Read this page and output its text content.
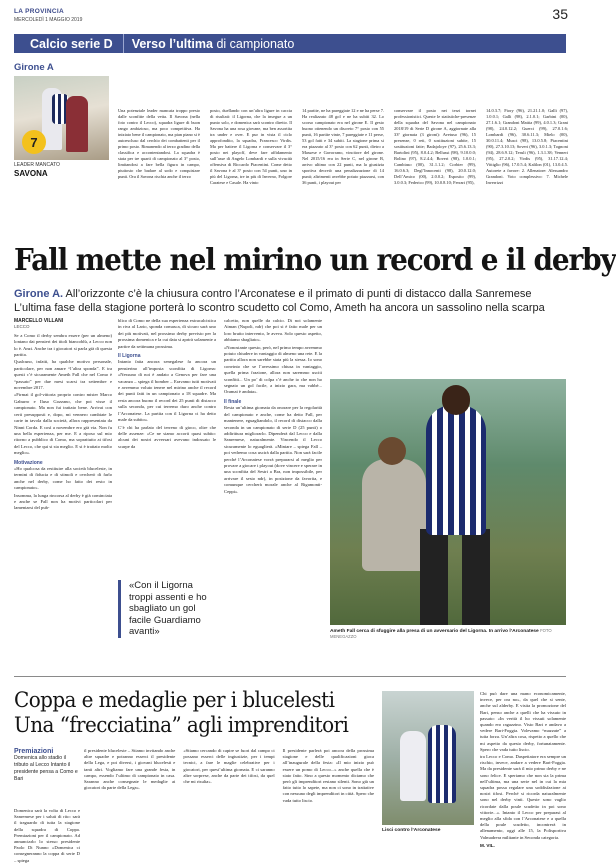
LA PROVINCIA
MERCOLEDÌ 1 MAGGIO 2019	35
Calcio serie D	Verso l’ultima di campionato
Girone A
7
LEADER MANCATO
SAVONA
Una potenziale leader mancata troppo presto dalle sconfitte della vetta. Il Savona (nella foto contro il Lecco), squadra ligure di buon rango ambizioso, ma poco competitiva. Ha iniziato bene il campionato, ma pian piano si è autoescluso dal cerchio dei combattenti per il primo posto. Rimanendo al terzo gradino della classifica e accontentandosi. La squadra è stata per tre quarti di campionato al 3° posto, limitandosi a fare bella figura in campo, piuttosto che badare al sodo e conquistare punti. Ora il Savona rischia anche il terzo
posto, duellando con un’altra ligure in caccia di risultati: il Ligorna, che la insegue a un punto solo, e domenica sarà scontro diretto. Il Savona ha una rosa giovane, ma ben assortita tra under e over. E pur in vista il ciclo approfondito, la squadra, Francesco Virdis. Ma per battere il Ligorna e conservare il 3° posto nei playoff, deve fare affidamento sull’asse di Angelo Lombardi e sulla vivacità offensiva di Riccardo Piacentini. Come detto il Savona è al 3° posto con 54 punti, uno in più del Ligorna, tre in più di Inverno, Folgore Caratese e Casale. Ha vinto
14 partite, ne ha pareggiate 12 e ne ha perse 7. Ha realizzato 48 gol e ne ha subiti 32. Lo scorso campionato era nel girone E. Il gesto buono ottenendo un discreto 7° posto con 55 punti, 16 partite vinte, 7 pareggiate e 11 perse, 53 gol fatti e 34 subiti. La stagione prima si era piazzato al 3° posto con 62 punti, dietro a Massese e Gavorrano, vincitore del girone. Nel 2015/16 era in Serie C, nel girone B, arrivo ultimo con 22 punti, ma la giustizia sportiva decretò una penalizzazione di 14 punti; altrimenti avrebbe potuto piazzarsi, con 36 punti, i playout per
conservare il posto nei terzi tornei professionistici. Queste le statistiche-presenze della squadra del Savona nel campionato 2018/19 di Serie D girone A, aggiornate alla 33ª giornata (3 gironi): Avetuso (96), 15 presenze, 0 reti, 0 sostituzioni subite, 15 sostituzioni fatte; Badajoloye (97), 25.6.13.3; Bartolini (95), 8.0.4.2; Bellussi (98), 9.10.0.0; Bolino (97), 8.2.4.4; Boveri (98), 1.0.0.1; Cambiaso (00), 31.1.1.2; Corbier (99), 16.0.6.3; Degl’Innocenti (98), 20.0.12.0; Dell’Amico (00), 2.0.0.2; Esposito (99), 3.0.0.3; Federico (99), 10.0.8.10; Ferrari (95),
14.0.3.7; Fiory (96), 21.21.1.0; Galli (97), 1.0.0.1; Galli (98), 2.1.0.1; Garbini (00), 27.1.6.1; Grandoni Mattia (99), 4.0.1.3; Grani (98), 24.0.12.2; Guerci (99), 27.0.1.6; Lombardi (96), 30.6.11.3; Mielo (00), 30.0.11.4; Musci (98), 13.0.5.8; Piacentini (90), 27.3.10.13; Soveri (96), 3.0.1.3; Tognoni (94), 28.6.9.12; Teruli (96), 1.3.1.38; Venneri (95), 27.2.0.2; Virdis (95), 31.17.12.4; Vittiglio (96), 17.0.5.4; Kalilon (01), 13.0.4.5. Autorete a favore: 2. Allenatore: Alessandro Grandoni. Voto complessivo: 7. Michele Inverrizzi
Fall mette nel mirino un record e il derby
Girone A. All’orizzonte c’è la chiusura contro l’Arconatese e il primato di punti di distacco dalla Sanremese L’ultima fase della stagione porterà lo scontro scudetto col Como, Ameth ha ancora un sassolino nella scarpa
MARCELLO VILLANI
LECCO

Se a Como il derby sembra essere (per un almeno) lontano dai pensieri dei titoli biancoblù, a Lecco non lo è. Anzi. Anche tra i giocatori si parla già di questa partita.

Qualcuno, infatti, ha qualche motivo personale, particolare, per non amare “l’altra sponda”. E tra questi c’è sicuramente Ameth Fall che nel Como è “passato” per due mesi scarsi tra settembre e novembre 2017.

«Firmai il gol-vittoria proprio contro mister Marco Gaburro e Iluso Gozzano, che poi visse il campionato. Ma non fui trattato bene. Arrivai con certi presupposti e, dopo, mi vennero cambiate le carte in tavola dalla società, allora rappresentata da Ninni Corda. E così a novembre ero già via. Non fu una bella esperienza, per me. E a riposo sul mio ritorno a pubblico di Como, ma soprattutto ai tifosi del Lecco, che qui si sta meglio. E si è trattato molto meglio».

Motivazione

«Ho qualcosa da restituire alla società bluceleste, in termini di fiducia e di stimoli e cercherò di farlo anche nel derby, come ho fatto dei resto in campionato».

Insomma, la lunga rincorsa al derby è già cominciata e anche se Fall non ha motivi particolari per lamentarsi del pub-

blico di Como ne della sua esperienza extracalcistica in riva al Lario, sponda comasca, di sicuro sarà uno dei più motivati, nel prossimo derby previsto per la prossima domenica e la cui data si aprirà solamente a partire da settimana prossima.

Il Ligorna

Intanto fatta ancora senegalese fa ancora un pensierino all’imposta sconfitta di Ligorna: «Nessuno di noi è andato a Genova per fare una vacanza – spiega il bomber – Eravamo tutti motivati e avremmo voluto tenere nel mirino anche il record dei punti fatti in un campionato a 18 squadre. Ma resta ancora buono il record dei 25 punti di distacco sulla seconda, per cui terremo duro anche contro l’Arconatese. La partita con il Ligorna ci ha detto male da subito».

C’è chi ha parlato del terreno di gioco, oltre che delle assenze: «Ce ne siamo accorti quasi subito: alcuni dei nostri avversari avevano indossato le scarpe da

«Con il Ligorna troppi assenti e ho sbagliato un gol facile Guardiamo avanti»

calcetto, non quelle da calcio. Di noi solamente Aiman (Nupoli, ndr) che poi si è fatto male per un loro brutto intervento, le aveva. Solo questo aspetto, abbiamo sbagliato».

«Nonostante questo, però, nel primo tempo avremmo potuto chiudere in vantaggio di almeno una rete. E la partita allora non sarebbe stata più la stessa. Io sono convinto che se l’avessimo chiusa in vantaggio, quella prima frazione, allora non saremmo usciti sconfitti... Un po’ di colpa c’è anche io che non ho segnato un gol facile, a inizio gara, ma vabbè... Oramai è andata».

Il finale

Resta un’ultima giornata da onorare per la regolarità del campionato e anche, come ha detto Fall, per mantenere, eguagliandolo, il record di distacco dalla seconda in un campionato di serie D (25 punti) o addirittura migliorarlo. Dipenderà dal Lecco e dalla Sanremese, naturalmente. Vincendo il Lecco sicuramente lo eguaglierà. «Miniare – spiega Fall – poi vedremo cosa uscirà dalla partita. Non sarà facile perché l’Arconatese vorrà prepararsi al meglio per provare a giocare i playout (dove vincere e sperare in una sconfitta del Sestri a Bra, non impossibile, per arrivare il sesto ndr), in posizione da favorita, e comunque cercherà morale anche al Rigamonti-Ceppi».

Ameth Fall cerca di sfuggire alla presa di un avversario del Ligorna. In arrivo l’Arconatese FOTO MENEGAZZO
Coppa e medaglie per i blucelesti
Una “frecciatina” agli imprenditori
Premiazioni
Domenica allo stadio il tributo al Lecco Intanto il presidente pensa a Como e Bari
Domenica sarà la volta di Lecco e Sanremese per i saluti di rito: sarà il traguardo di tutta la stagione della squadra di Coppa. Premiazioni per il campionato. Ad annunciarlo lo stesso presidente Paolo Di Nunno «Domenica ci consegneranno la coppa di serie D – spiega

il presidente bluceleste – Stiamo invitando anche altre squadre e potranno esserci il presidente della Lega, e poi diversi, i giovani blucelesti e tanti altri. Vogliamo fare una grande festa, in campo, essendo l’ultimo di campionato in casa. Saranno anche consegnate le medaglie ai giocatori da parte della Lega».

«Stiamo cercando di capire se fuori dal campo ci possano esserci delle ingiustizie, per i tempi tecnici, a fare le maglie celebrative per i giocatori, per quest’ultima giornata. E ci saranno altre sorprese, anche da parte dei tifosi, da quel che mi risulta».

Il presidente parlerà poi ancora della prossima stagione e delle qualificazioni gioca all’inaugurale della festa: «Il mio inizio può essere un pomo di Lecco...» anche quella che è stato fatto. Sino a questo momento diciamo che però gli imprenditori restano silenti. Sono già un fatto tutto lo sapete, ma non ci sono in trattative con nessuno degli imprenditori in città. Spero che vada tutto liscio.

Lisci contro l’Arconatese

Chi può dare una mano economicamente, invece, per ora no», da quel che si sente, anche sul alderby. E visita la promozione del Bari, penso anche a quelli che ha vissuto in passato: «In verità il ho vissuti solamente quando ero ragazzino. Visto Bari e andavo a vedere Bari-Foggia. Volevamo “mazzate” a tutta forza. Un’altra cosa, rispetto a quello che mi aspetto da questo derby, fortunatamente. Spero che vada tutto liscio.

tra Lecco e Como. Daspettatore era sempre un rischio, invece, andare a vedere Bari-Foggia. Ma da presidente sarà il mio primo derby e ne sono felice. E speriamo che non sia la prima nell’ultima, ma una serie nel in cui la mia squadra possa regalare una soddisfazione ai nostri tifosi. Perché si ricorda naturalmente sono nel derby vinti. Queste sono vaglio ricordate dalla poule scudetto in poi sono vittorie...». Intanto il Lecco per preparasi al meglio alla sfida con l’Arconatese e a quella della poule scudetto, incontrerà in allenamento, oggi alle 15, la Polisportiva Valmadrera militante in Seconda categoria.

M. VIL.
